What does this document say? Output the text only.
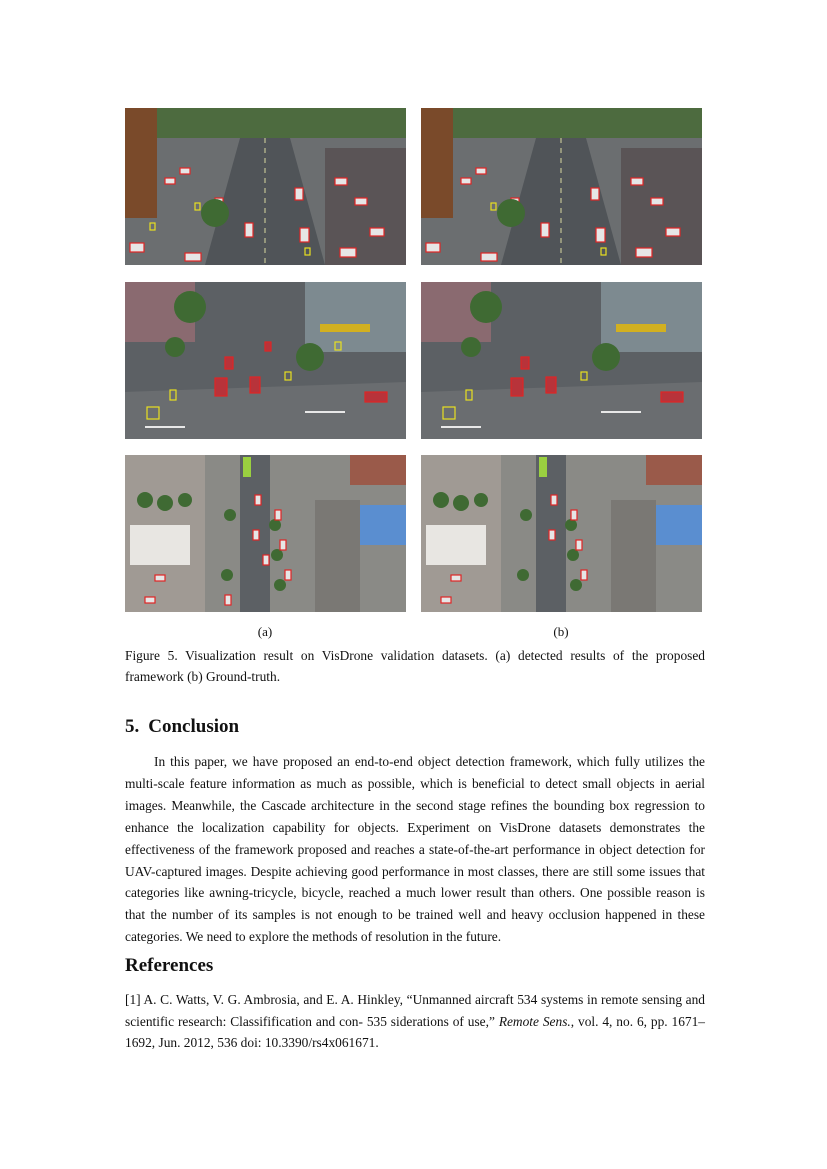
(a)	(b)
Figure 5. Visualization result on VisDrone validation datasets. (a) detected results of the proposed framework (b) Ground-truth.
5. Conclusion

In this paper, we have proposed an end-to-end object detection framework, which fully utilizes the multi-scale feature information as much as possible, which is beneficial to detect small objects in aerial images. Meanwhile, the Cascade architecture in the second stage refines the bounding box regression to enhance the localization capability for objects. Experiment on VisDrone datasets demonstrates the effectiveness of the framework proposed and reaches a state-of-the-art performance in object detection for UAV-captured images. Despite achieving good performance in most classes, there are still some issues that categories like awning-tricycle, bicycle, reached a much lower result than others. One possible reason is that the number of its samples is not enough to be trained well and heavy occlusion happened in these categories. We need to explore the methods of resolution in the future.

References

[1] A. C. Watts, V. G. Ambrosia, and E. A. Hinkley, “Unmanned aircraft 534 systems in remote sensing and scientific research: Classifification and con- 535 siderations of use,” Remote Sens., vol. 4, no. 6, pp. 1671–1692, Jun. 2012, 536 doi: 10.3390/rs4x061671.
